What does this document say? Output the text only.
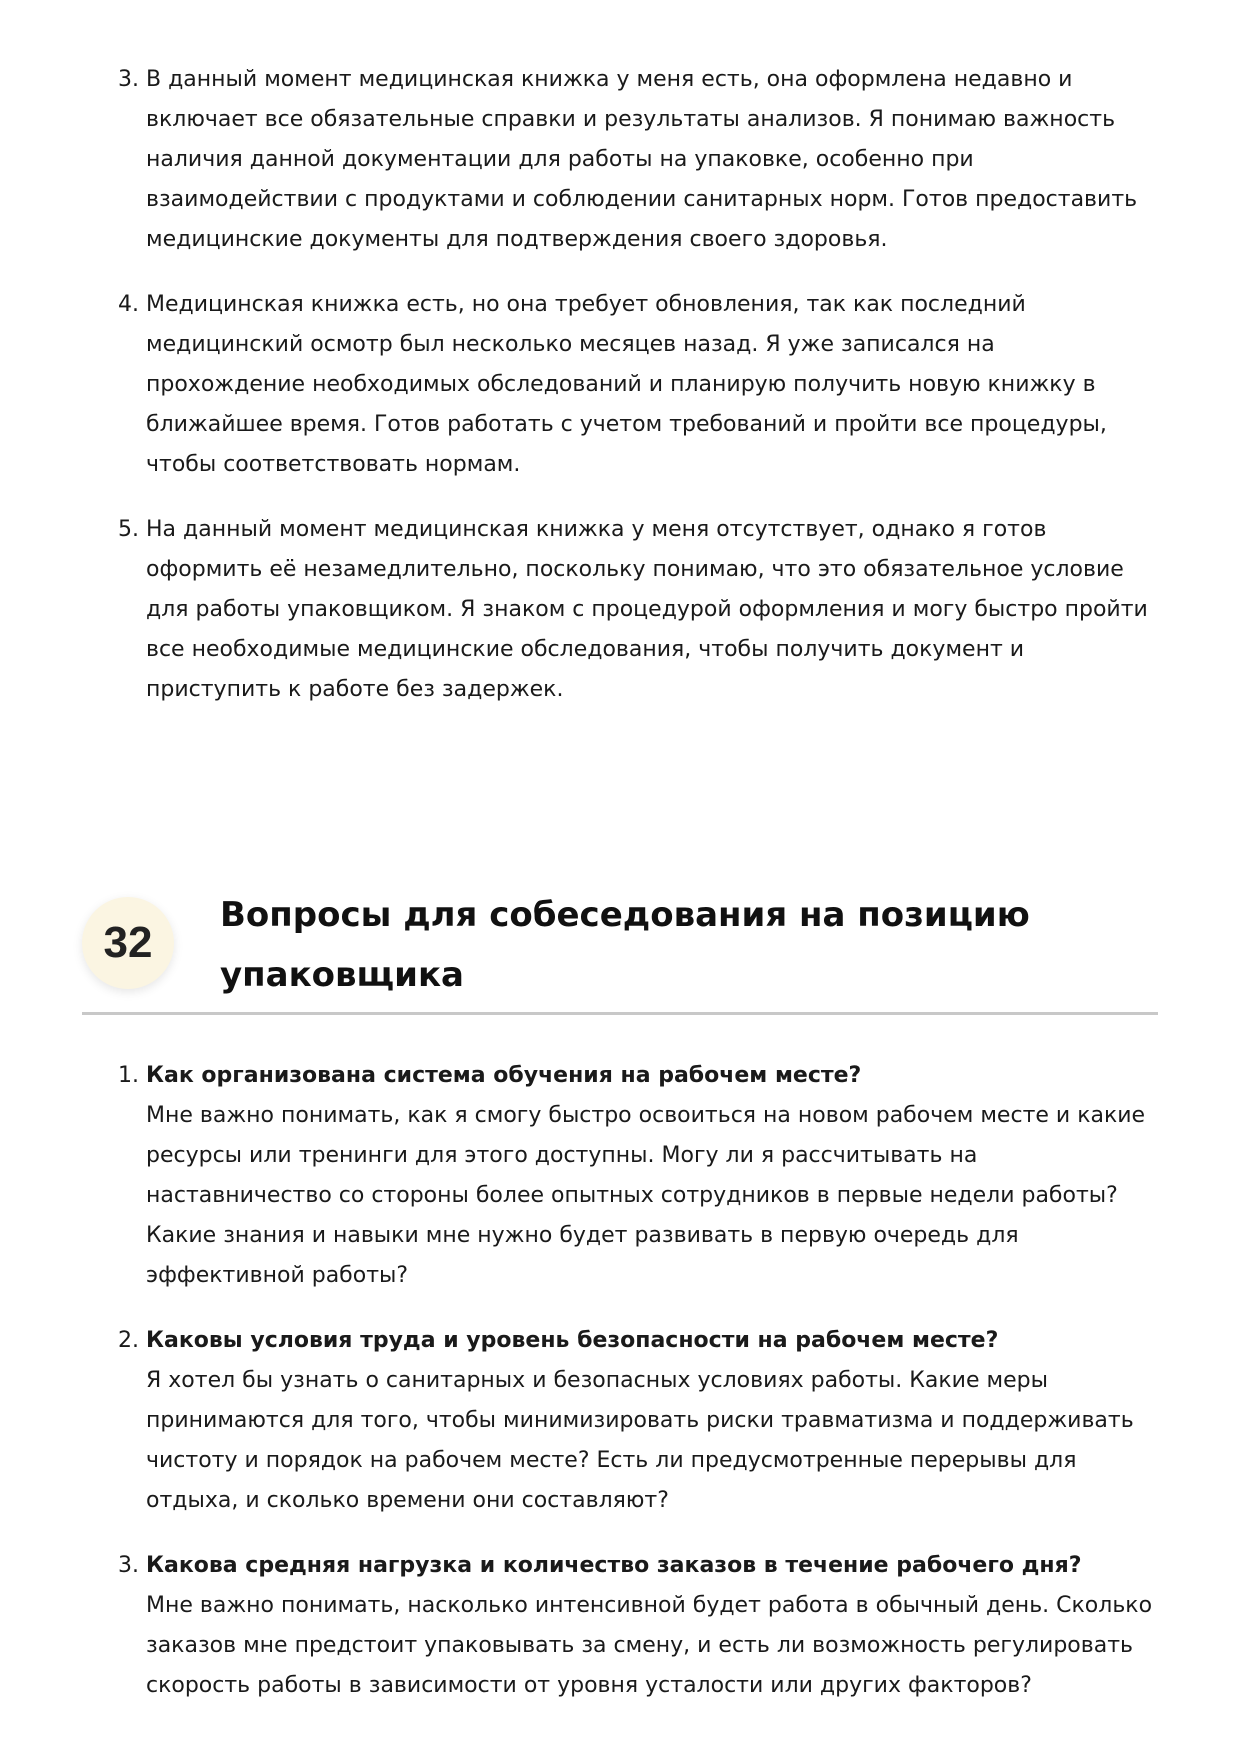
3. В данный момент медицинская книжка у меня есть, она оформлена недавно и включает все обязательные справки и результаты анализов. Я понимаю важность наличия данной документации для работы на упаковке, особенно при взаимодействии с продуктами и соблюдении санитарных норм. Готов предоставить медицинские документы для подтверждения своего здоровья.
4. Медицинская книжка есть, но она требует обновления, так как последний медицинский осмотр был несколько месяцев назад. Я уже записался на прохождение необходимых обследований и планирую получить новую книжку в ближайшее время. Готов работать с учетом требований и пройти все процедуры, чтобы соответствовать нормам.
5. На данный момент медицинская книжка у меня отсутствует, однако я готов оформить её незамедлительно, поскольку понимаю, что это обязательное условие для работы упаковщиком. Я знаком с процедурой оформления и могу быстро пройти все необходимые медицинские обследования, чтобы получить документ и приступить к работе без задержек.
32
Вопросы для собеседования на позицию упаковщика
1. Как организована система обучения на рабочем месте?
Мне важно понимать, как я смогу быстро освоиться на новом рабочем месте и какие ресурсы или тренинги для этого доступны. Могу ли я рассчитывать на наставничество со стороны более опытных сотрудников в первые недели работы? Какие знания и навыки мне нужно будет развивать в первую очередь для эффективной работы?
2. Каковы условия труда и уровень безопасности на рабочем месте?
Я хотел бы узнать о санитарных и безопасных условиях работы. Какие меры принимаются для того, чтобы минимизировать риски травматизма и поддерживать чистоту и порядок на рабочем месте? Есть ли предусмотренные перерывы для отдыха, и сколько времени они составляют?
3. Какова средняя нагрузка и количество заказов в течение рабочего дня?
Мне важно понимать, насколько интенсивной будет работа в обычный день. Сколько заказов мне предстоит упаковывать за смену, и есть ли возможность регулировать скорость работы в зависимости от уровня усталости или других факторов?
